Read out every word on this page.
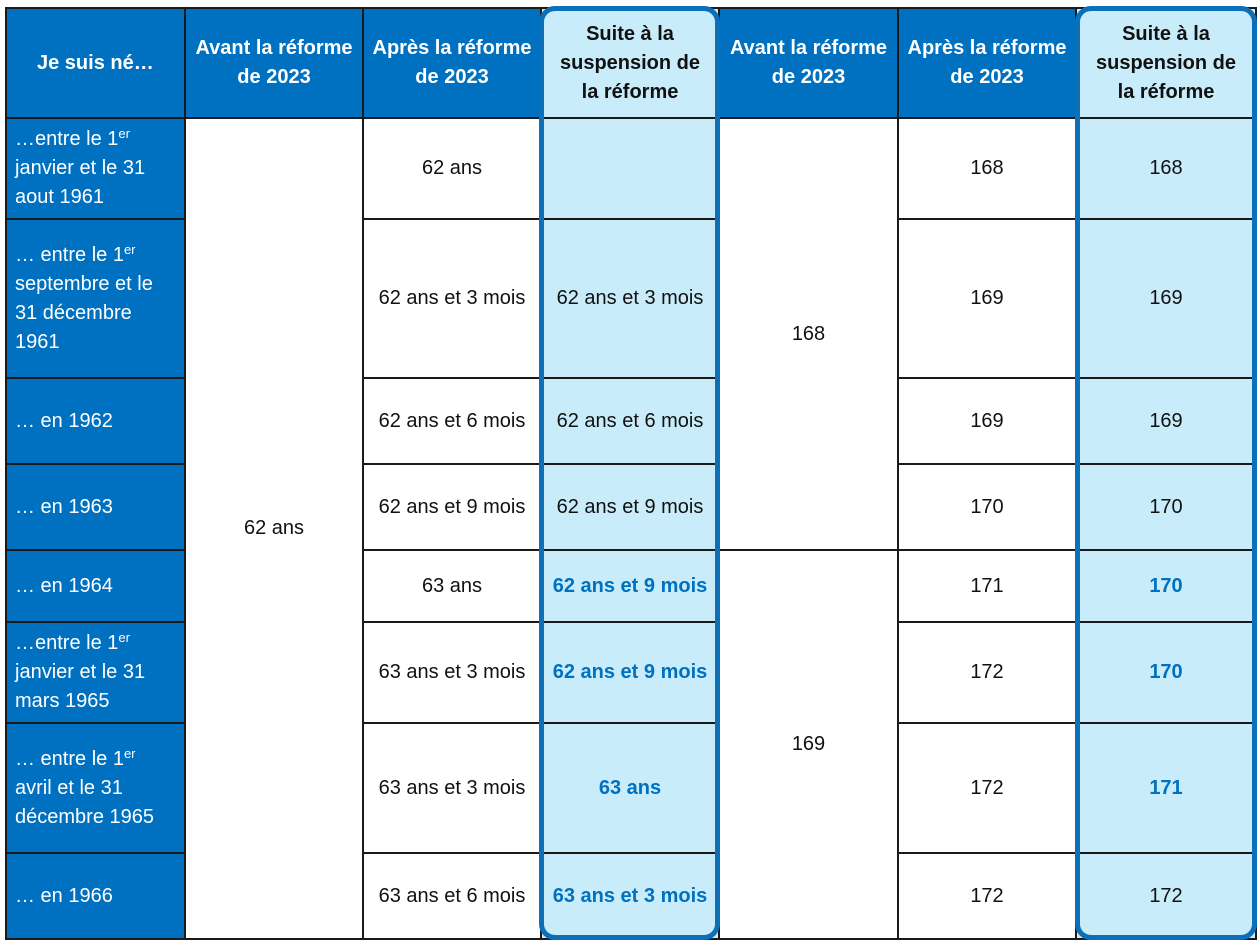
Je suis né…	Avant la réforme de 2023	Après la réforme de 2023	Suite à la suspension de la réforme	Avant la réforme de 2023	Après la réforme de 2023	Suite à la suspension de la réforme
…entre le 1er janvier et le 31 aout 1961	62 ans	62 ans		168	168	168
… entre le 1er septembre et le 31 décembre 1961		62 ans et 3 mois	62 ans et 3 mois		169	169
… en 1962		62 ans et 6 mois	62 ans et 6 mois		169	169
… en 1963		62 ans et 9 mois	62 ans et 9 mois		170	170
… en 1964		63 ans	62 ans et 9 mois	169	171	170
…entre le 1er janvier et le 31 mars 1965		63 ans et 3 mois	62 ans et 9 mois		172	170
… entre le 1er avril et le 31 décembre 1965		63 ans et 3 mois	63 ans		172	171
… en 1966		63 ans et 6 mois	63 ans et 3 mois		172	172
